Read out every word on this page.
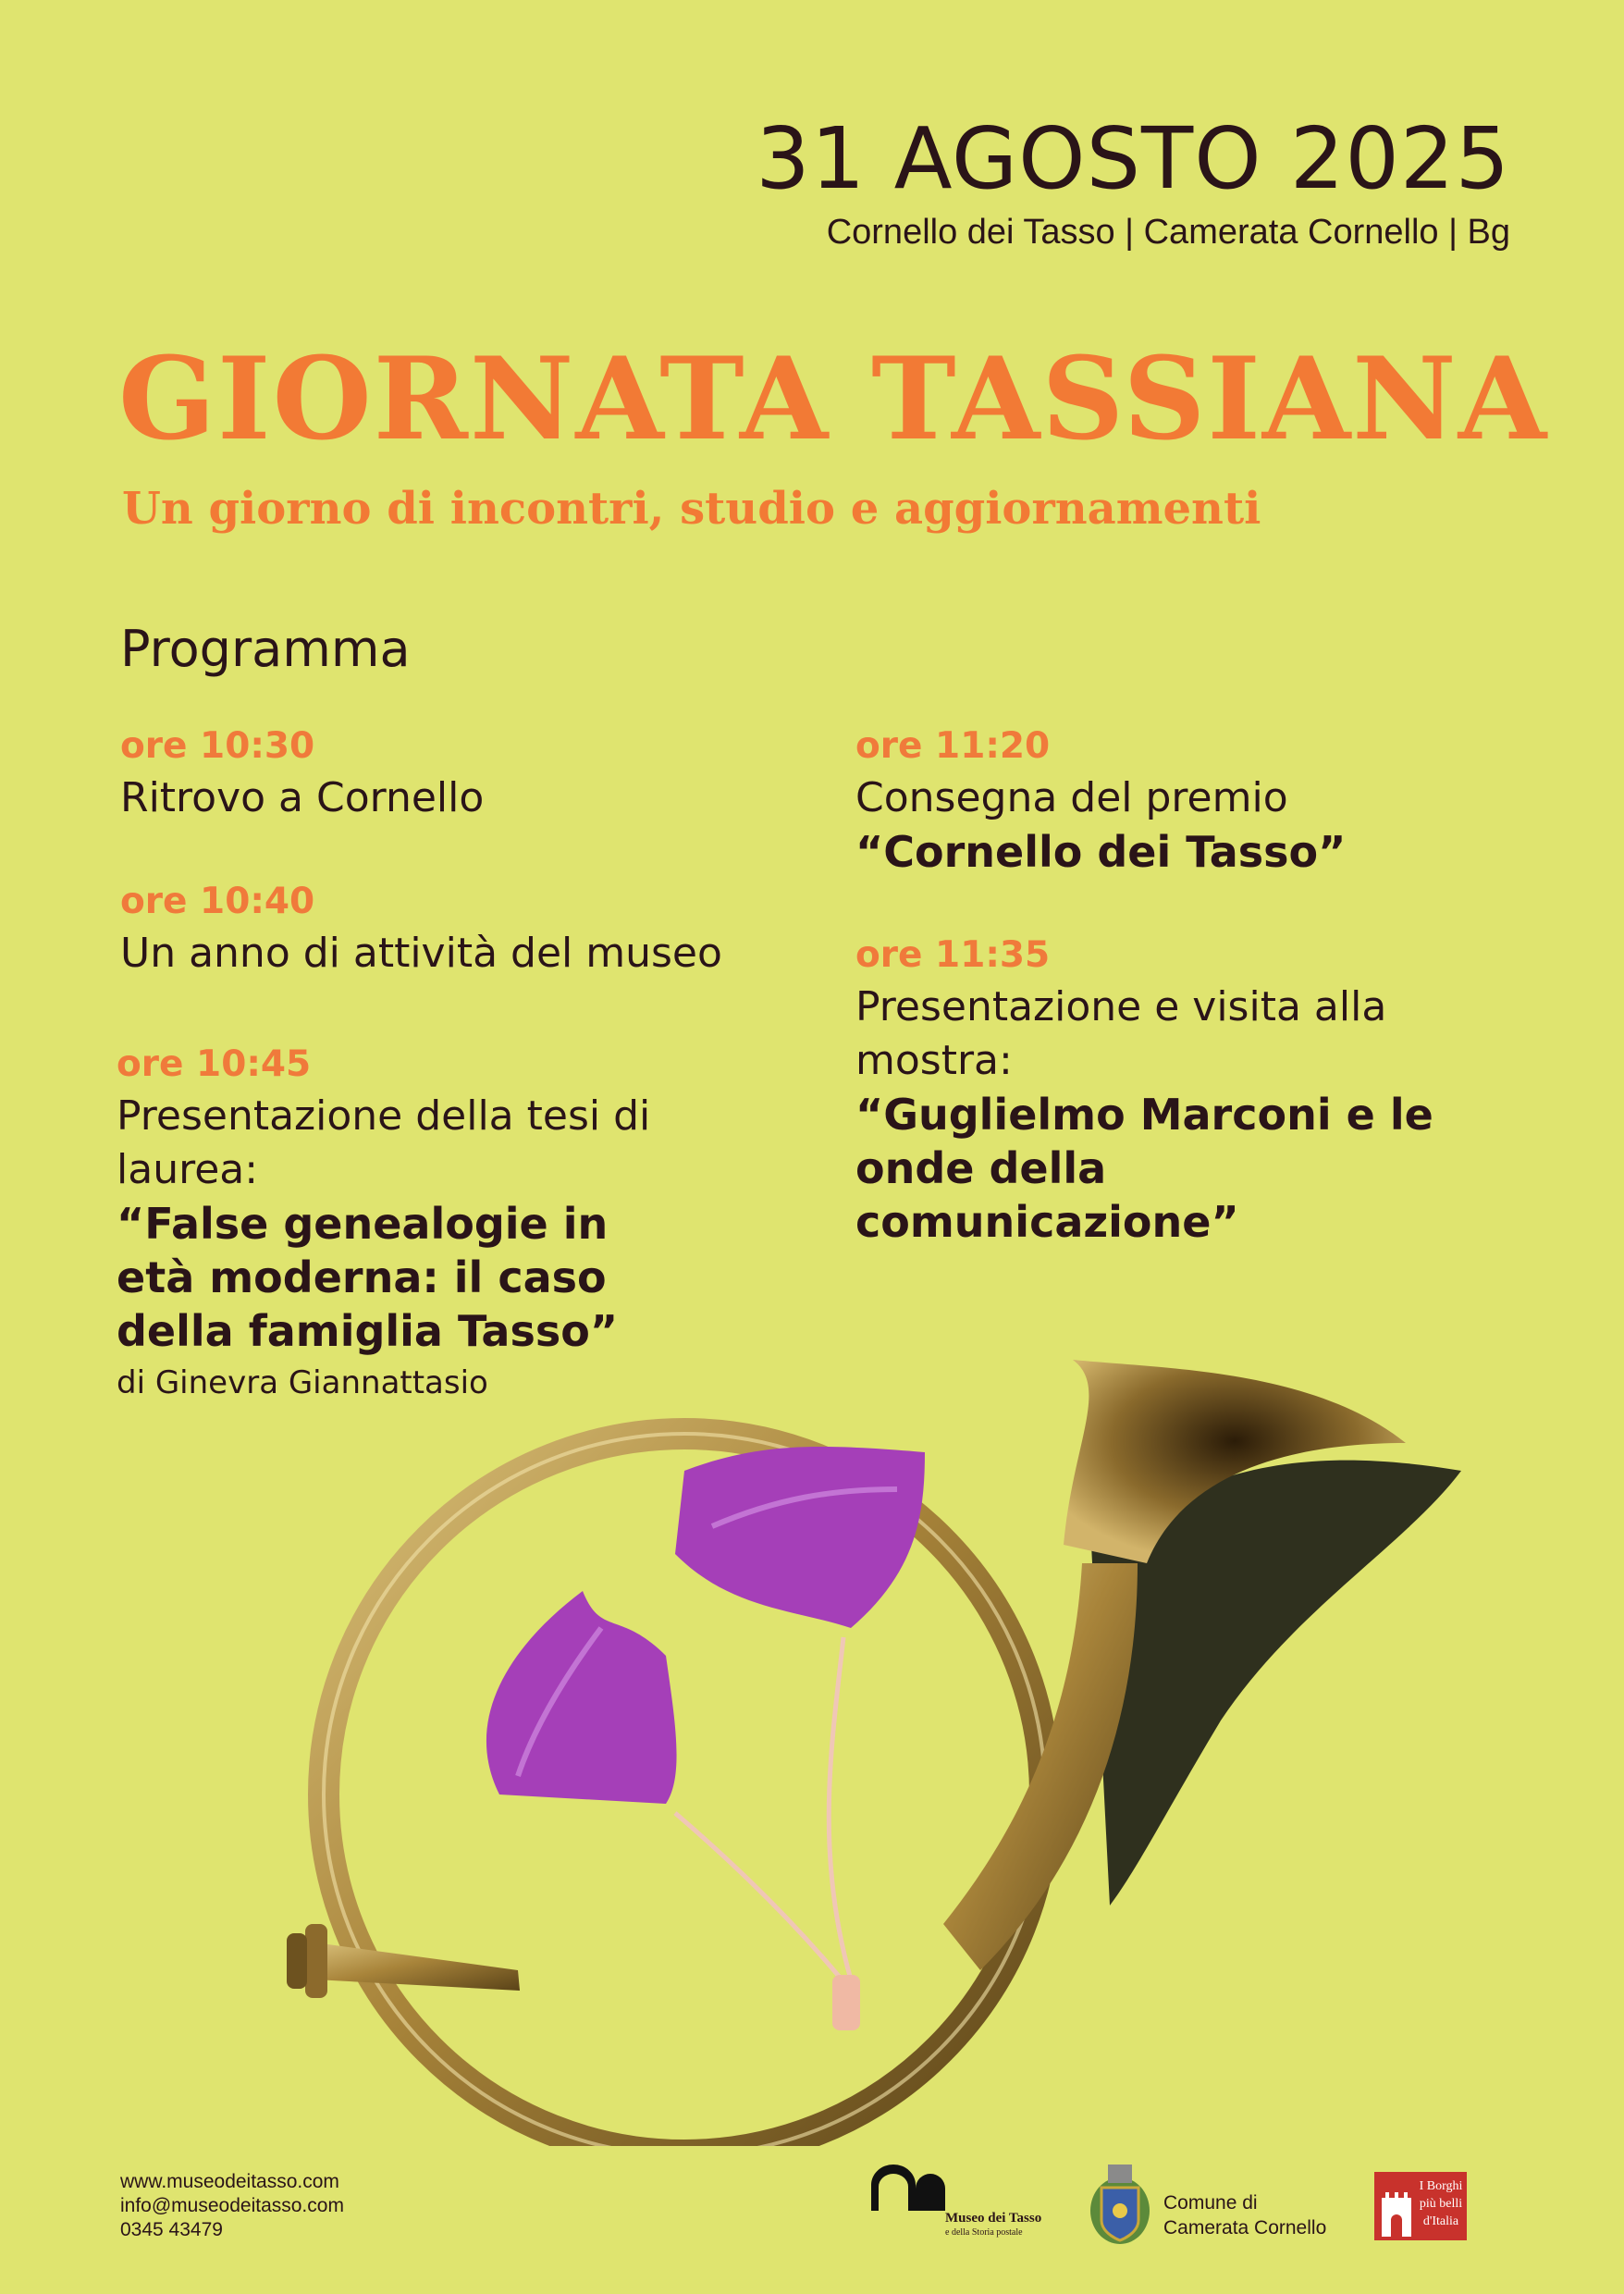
31 AGOSTO 2025
Cornello dei Tasso | Camerata Cornello | Bg
GIORNATA TASSIANA
Un giorno di incontri, studio e aggiornamenti
Programma
ore 10:30
Ritrovo a Cornello
ore 10:40
Un anno di attività del museo
ore 10:45
Presentazione della tesi di laurea:
“False genealogie in età moderna: il caso della famiglia Tasso”
di Ginevra Giannattasio
ore 11:20
Consegna del premio
“Cornello dei Tasso”
ore 11:35
Presentazione e visita alla mostra:
“Guglielmo Marconi e le onde della comunicazione”
www.museodeitasso.com
info@museodeitasso.com
0345 43479
Museo dei Tasso
e della Storia postale
Comune di
Camerata Cornello
I Borghi più belli d'Italia
